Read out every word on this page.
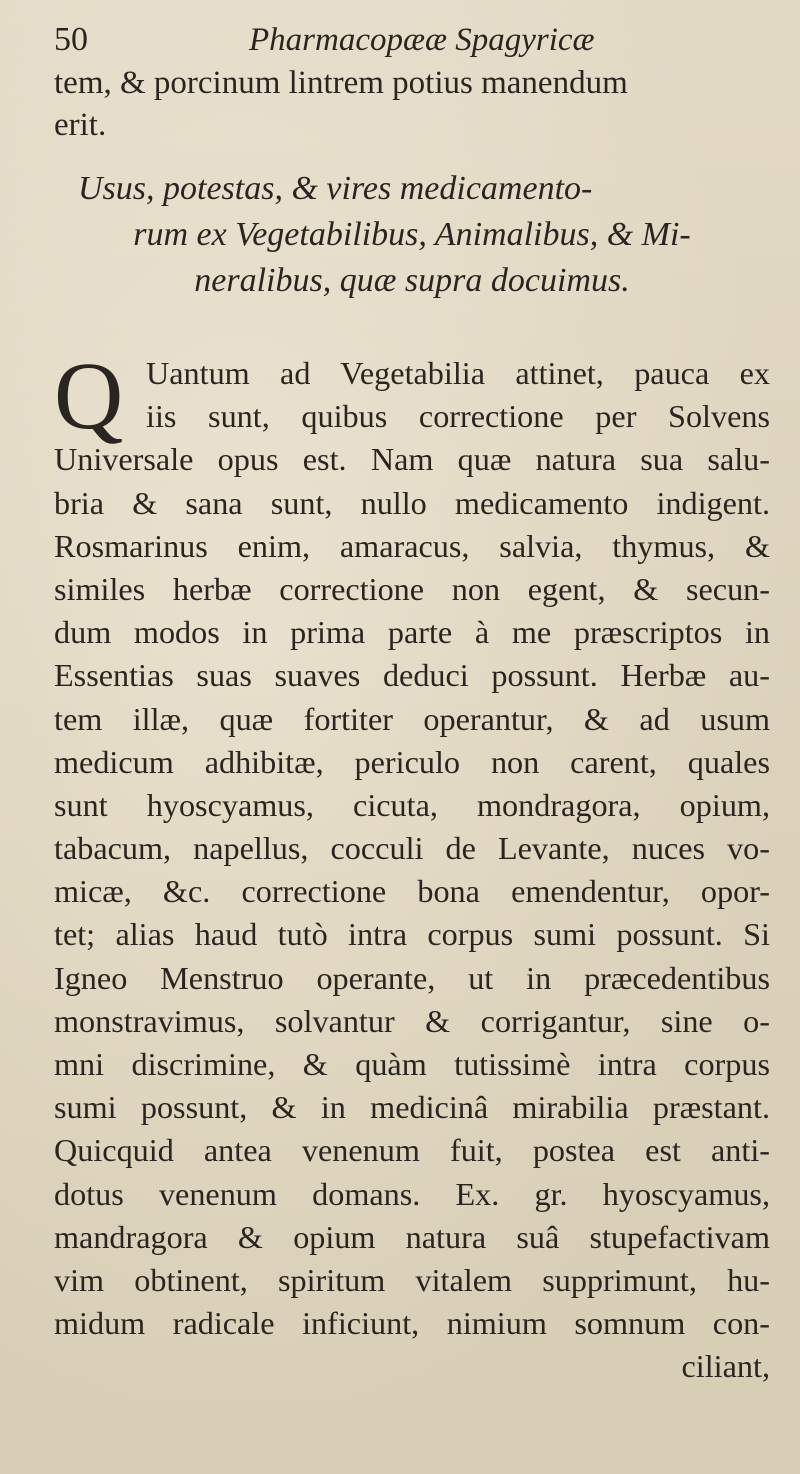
50	Pharmacopææ Spagyricæ
tem, & porcinum lintrem potius manendum
erit.
Usus, potestas, & vires medicamento-
rum ex Vegetabilibus, Animalibus, & Mi-
neralibus, quæ supra docuimus.
Q Uantum ad Vegetabilia attinet, pauca ex
iis sunt, quibus correctione per Solvens
Universale opus est. Nam quæ natura sua salu-
bria & sana sunt, nullo medicamento indigent.
Rosmarinus enim, amaracus, salvia, thymus, &
similes herbæ correctione non egent, & secun-
dum modos in prima parte à me præscriptos in
Essentias suas suaves deduci possunt. Herbæ au-
tem illæ, quæ fortiter operantur, & ad usum
medicum adhibitæ, periculo non carent, quales
sunt hyoscyamus, cicuta, mondragora, opium,
tabacum, napellus, cocculi de Levante, nuces vo-
micæ, &c. correctione bona emendentur, opor-
tet; alias haud tutò intra corpus sumi possunt. Si
Igneo Menstruo operante, ut in præcedentibus
monstravimus, solvantur & corrigantur, sine o-
mni discrimine, & quàm tutissimè intra corpus
sumi possunt, & in medicinâ mirabilia præstant.
Quicquid antea venenum fuit, postea est anti-
dotus venenum domans. Ex. gr. hyoscyamus,
mandragora & opium natura suâ stupefactivam
vim obtinent, spiritum vitalem supprimunt, hu-
midum radicale inficiunt, nimium somnum con-
ciliant,
